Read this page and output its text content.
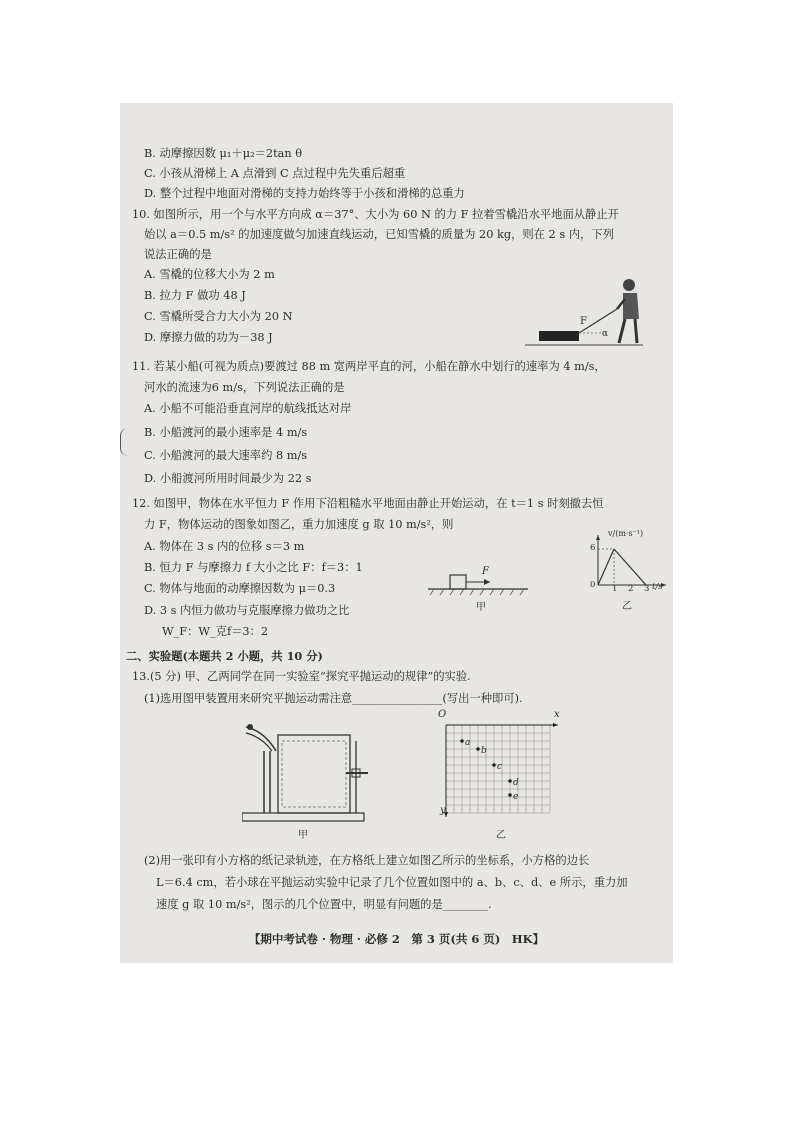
B. 动摩擦因数 μ₁＋μ₂＝2tan θ
C. 小孩从滑梯上 A 点滑到 C 点过程中先失重后超重
D. 整个过程中地面对滑梯的支持力始终等于小孩和滑梯的总重力
10. 如图所示，用一个与水平方向成 α＝37°、大小为 60 N 的力 F 拉着雪橇沿水平地面从静止开
始以 a＝0.5 m/s² 的加速度做匀加速直线运动，已知雪橇的质量为 20 kg，则在 2 s 内，下列
说法正确的是
A. 雪橇的位移大小为 2 m
B. 拉力 F 做功 48 J
C. 雪橇所受合力大小为 20 N
D. 摩擦力做的功为－38 J
F
α
11. 若某小船(可视为质点)要渡过 88 m 宽两岸平直的河，小船在静水中划行的速率为 4 m/s，
河水的流速为6 m/s，下列说法正确的是
A. 小船不可能沿垂直河岸的航线抵达对岸
B. 小船渡河的最小速率是 4 m/s
C. 小船渡河的最大速率约 8 m/s
D. 小船渡河所用时间最少为 22 s
12. 如图甲，物体在水平恒力 F 作用下沿粗糙水平地面由静止开始运动，在 t＝1 s 时刻撤去恒
力 F，物体运动的图象如图乙，重力加速度 g 取 10 m/s²，则
A. 物体在 3 s 内的位移 s＝3 m
B. 恒力 F 与摩擦力 f 大小之比 F：f＝3：1
C. 物体与地面的动摩擦因数为 μ＝0.3
D. 3 s 内恒力做功与克服摩擦力做功之比
W_F：W_克f＝3：2
F
甲
v/(m·s⁻¹)
6
0 1 2 3 t/s
乙
二、实验题(本题共 2 小题，共 10 分)
13.(5 分) 甲、乙两同学在同一实验室“探究平抛运动的规律”的实验.
(1)选用图甲装置用来研究平抛运动需注意________________(写出一种即可).
甲
O	x
y
a
b
c
d
e
乙
(2)用一张印有小方格的纸记录轨迹，在方格纸上建立如图乙所示的坐标系，小方格的边长
L＝6.4 cm，若小球在平抛运动实验中记录了几个位置如图中的 a、b、c、d、e 所示，重力加
速度 g 取 10 m/s²，图示的几个位置中，明显有问题的是________.
【期中考试卷 · 物理 · 必修 2　第 3 页(共 6 页)　HK】
